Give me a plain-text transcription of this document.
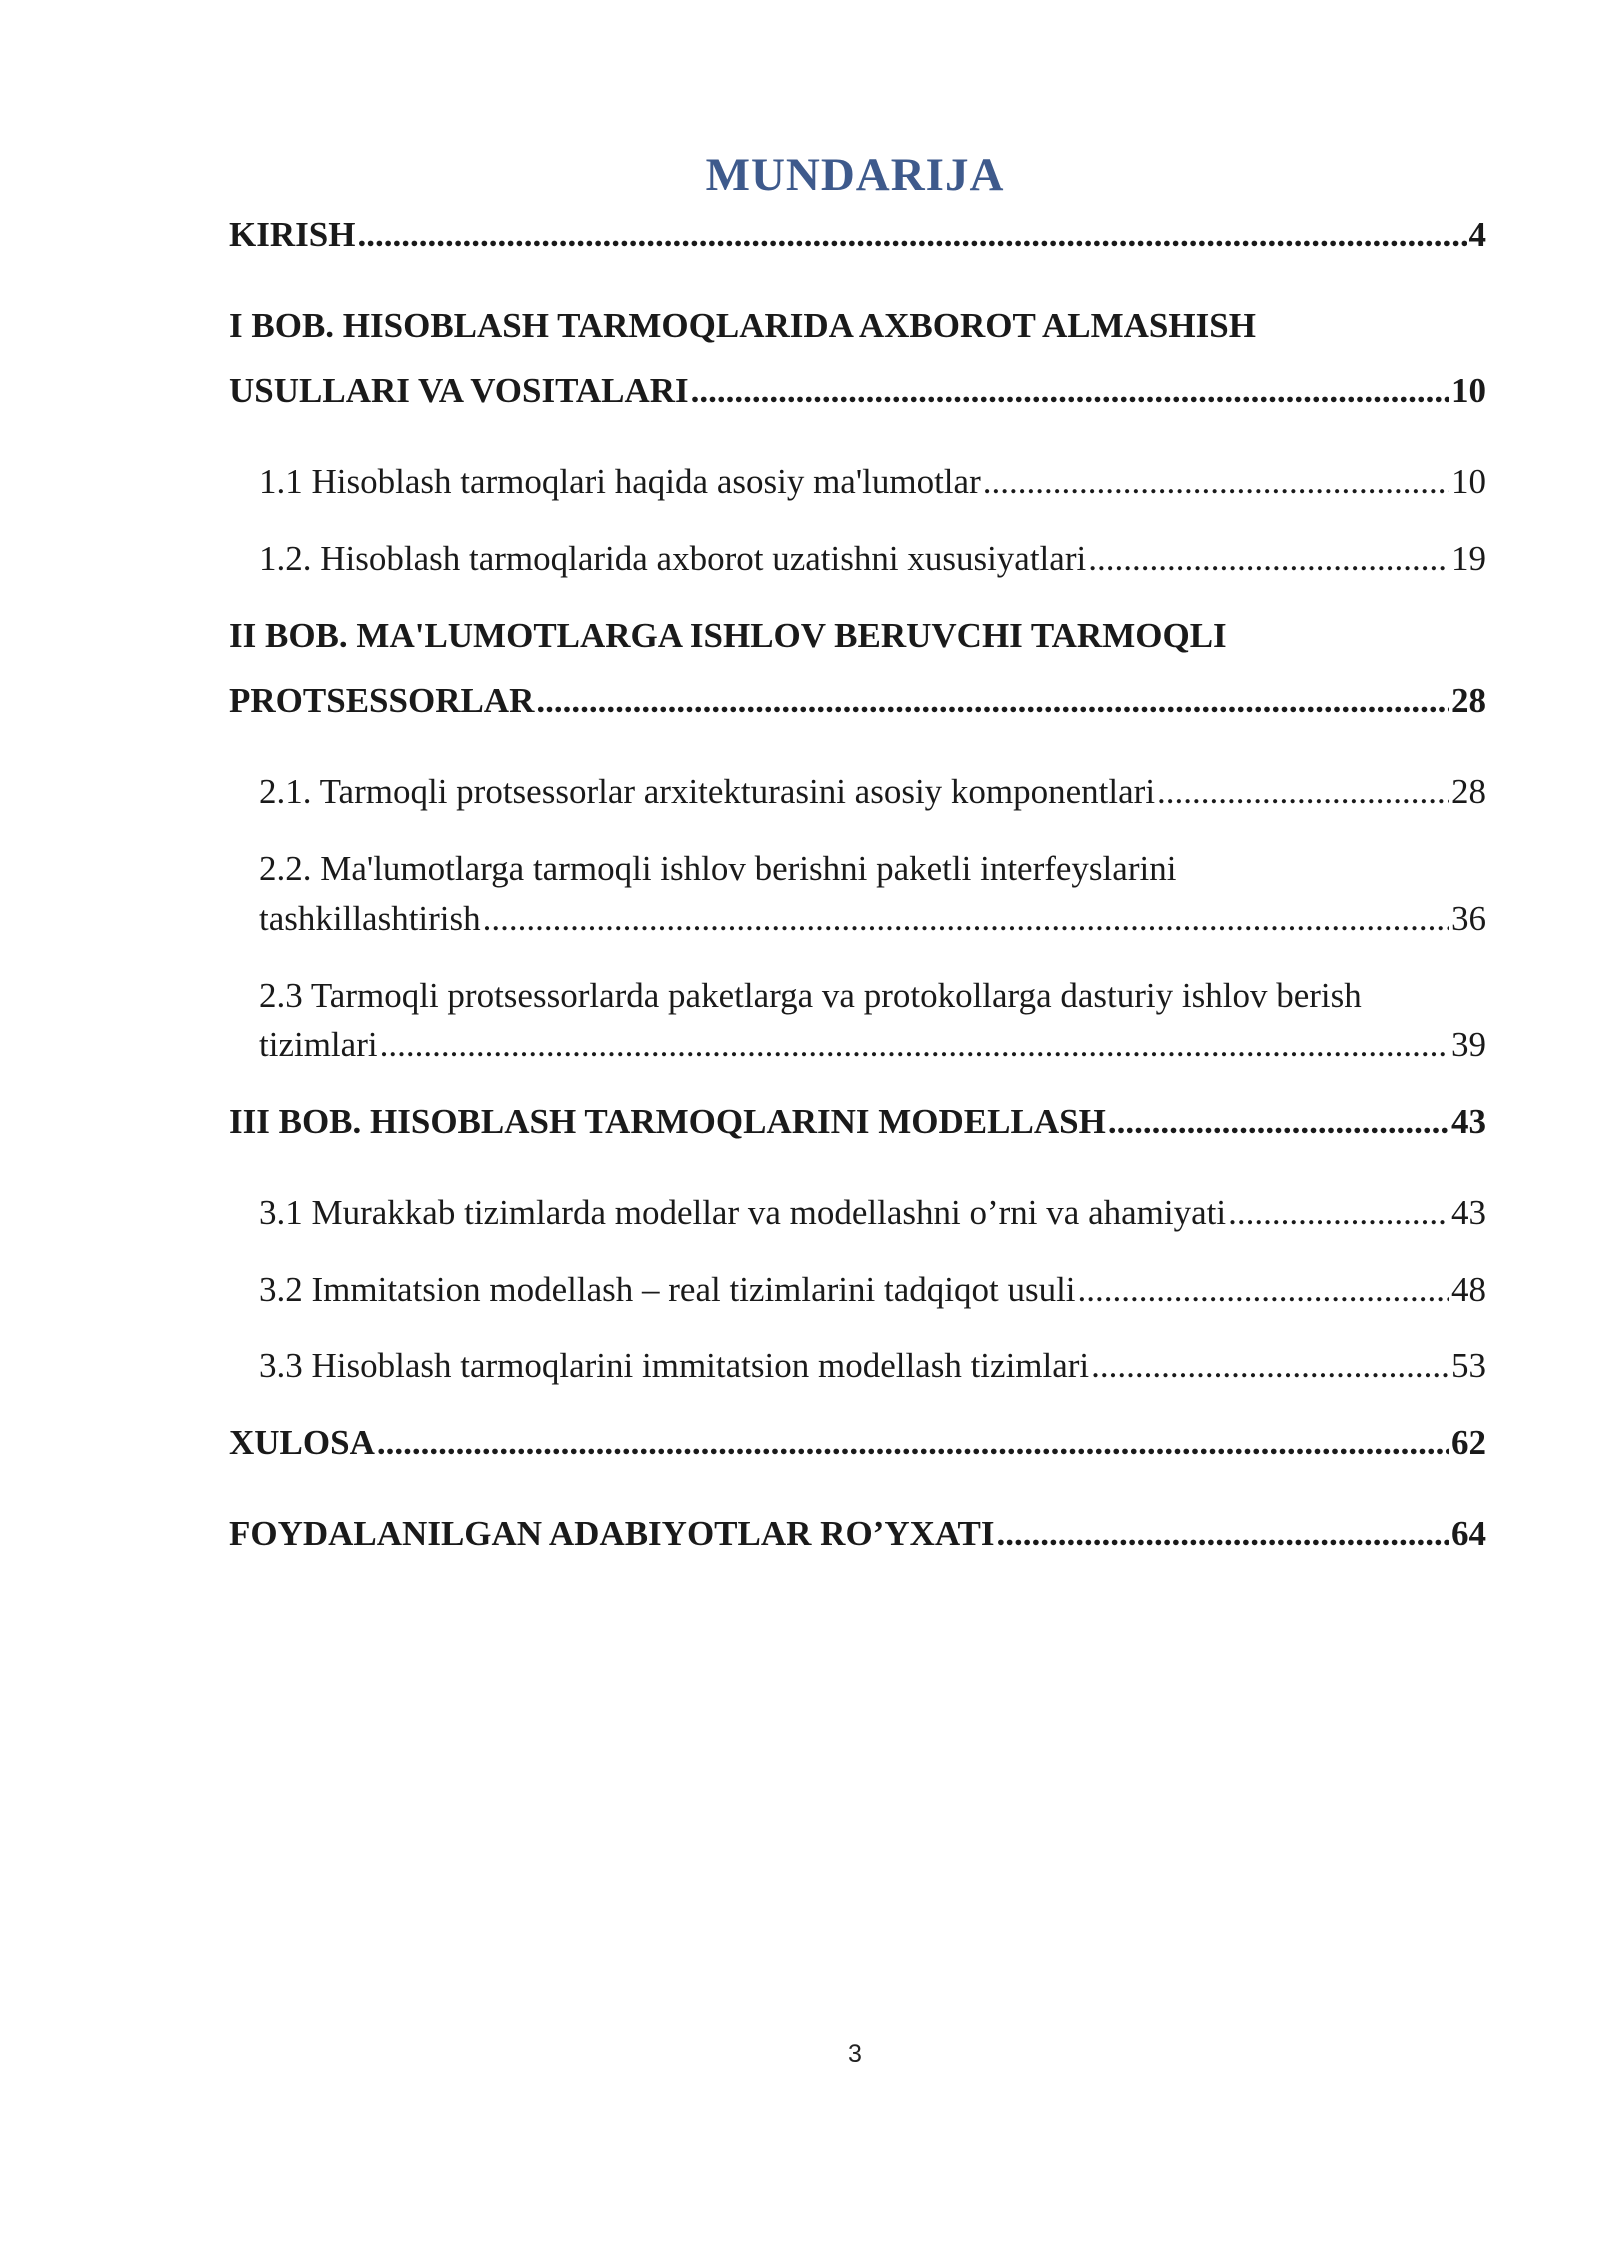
MUNDARIJA
KIRISH .....	4
I BOB. HISOBLASH TARMOQLARIDA AXBOROT ALMASHISH
USULLARI VA VOSITALARI .....	10
1.1 Hisoblash tarmoqlari haqida asosiy ma'lumotlar .....	10
1.2. Hisoblash tarmoqlarida axborot uzatishni xususiyatlari .....	19
II BOB. MA'LUMOTLARGA ISHLOV BERUVCHI TARMOQLI
PROTSESSORLAR .....	28
2.1. Tarmoqli protsessorlar arxitekturasini asosiy komponentlari .....	28
2.2. Ma'lumotlarga tarmoqli ishlov berishni paketli interfeyslarini
tashkillashtirish .....	36
2.3 Tarmoqli protsessorlarda paketlarga va protokollarga dasturiy ishlov berish
tizimlari .....	39
III BOB. HISOBLASH TARMOQLARINI MODELLASH .....	43
3.1 Murakkab tizimlarda modellar va modellashni o’rni va ahamiyati .....	43
3.2 Immitatsion modellash – real tizimlarini tadqiqot usuli .....	48
3.3 Hisoblash tarmoqlarini immitatsion modellash tizimlari .....	53
XULOSA .....	62
FOYDALANILGAN ADABIYOTLAR RO’YXATI .....	64
3
